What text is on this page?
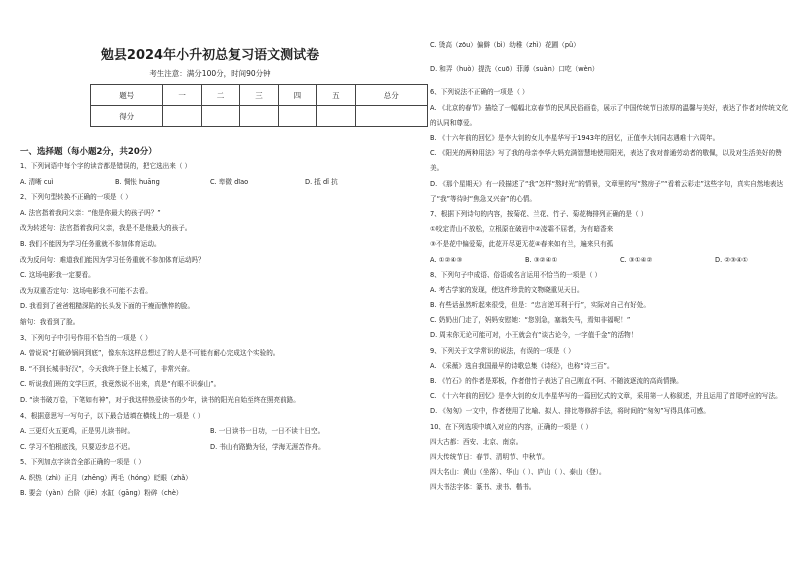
勉县2024年小升初总复习语文测试卷
考生注意：满分100分，时间90分钟
题号	一	二	三	四	五	总分
得分						
一、选择题（每小题2分，共20分）
1、下列词语中每个字的读音都是错误的，把它选出来（ ）
A. 清晰 cuì	B. 惆怅 huāng	C. 卑微 dīao	D. 抵 dǐ 抗
2、下列句型转换不正确的一项是（ ）
A. 法官指着我问父亲：“他是你最大的孩子吗？”
改为转述句：法官指着我问父亲，我是不是他最大的孩子。
B. 我们不能因为学习任务重就不参加体育运动。
改为反问句：难道我们能因为学习任务重就不参加体育运动吗？
C. 这场电影我一定要看。
改为双重否定句：这场电影我不可能不去看。
D. 我看到了爸爸粗糙深陷的长头发下面的干瘦而憔悴的脸。
缩句：我看到了脸。
3、下列句子中引号作用不恰当的一项是（ ）
A. 曾说说“打破砂锅问到底”，像东东这样总想过了的人是不可能有耐心完成这个实验的。
B. “不到长城非好汉”，今天我终于登上长城了，非常兴奋。
C. 听说我们班的文学巨匠，我竟然说不出来，真是“有眼不识泰山”。
D. “读书破万卷，下笔如有神”，对于我这样热爱读书的少年，读书的阳光自始至终在照亮前路。
4、根据意思写一写句子，以下最合适填在横线上的一项是（ ）
A. 三更灯火五更鸡，正是男儿读书时。	B. 一日读书一日功，一日不读十日空。
C. 学习不怕根底浅，只要迈步总不迟。	D. 书山有路勤为径，学海无涯苦作舟。
5、下列加点字读音全部正确的一项是（ ）
A. 织热（zhì）正月（zhēng）两毛（hóng）眨眼（zhǎ）
B. 要会（yàn）台阶（jiē）水缸（gāng）粉碎（chè）
C. 烫高（zōu）偏僻（bì）幼稚（zhì）花圃（pǔ）
D. 和弄（huò）提洗（cuō）菲薄（suàn）口吃（wèn）
6、下列说法不正确的一项是（ ）
A. 《北京的春节》描绘了一幅幅北京春节的民风民俗画卷，展示了中国传统节日浓厚的温馨与美好，表达了作者对传统文化的认同和尊爱。
B. 《十六年前的回忆》是李大钊的女儿李星华写于1943年的回忆，正值李大钊同志遇难十六周年。
C. 《阳光的两种用法》写了我的母亲李华大妈充满智慧地使用阳光，表达了我对普通劳动者的敬佩，以及对生活美好的赞美。
D. 《那个星期天》有一段描述了“我”怎样“熬时光”的情景，文章里的写“熬房子”“看着云彩走”这些字句，真实自然地表达了“我”等待时“焦急又兴奋”的心情。
7、根据下列诗句的内容，按菊花、兰花、竹子、菊花梅排列正确的是（ ）
①咬定青山不放松，立根原在破岩中②凌霜不屈者，为有暗香来
③不是花中偏爱菊，此花开尽更无花④春来如有兰，遍来只有孤
A. ①②④③	B. ③②④①	C. ③①④②	D. ②③④①
8、下列句子中成语、俗语或名言运用不恰当的一项是（ ）
A. 考古学家的发现，使这件珍贵的文物晓重见天日。
B. 有些话虽然听起来很受，但是：“忠言逆耳利于行”，实际对自己有好处。
C. 奶奶出门走了，妈妈安慰她：“您别急，塞翁失马，焉知非福呢！”
D. 周末你无论可能可对，小王就会有“谈古论今，一字值千金”的活物！
9、下列关于文学常识的说法，有误的一项是（ ）
A. 《采薇》选自我国最早的诗歌总集《诗经》，也称“诗三百”。
B. 《竹石》的作者是郑板，作者借竹子表达了自己刚直不阿、不随波逐流的高尚情操。
C. 《十六年前的回忆》是李大钊的女儿李星华写的一篇回忆式的文章，采用第一人称叙述，并且运用了首尾呼应的写法。
D. 《匆匆》一文中，作者使用了比喻、拟人、排比等修辞手法，将时间的“匆匆”写得具体可感。
10、在下列选项中填入对应的内容，正确的一项是（ ）
四大古都：西安、北京、南京。
四大传统节日：春节、清明节、中秋节。
四大名山：黄山（坐落）、华山（ ）、庐山（ ）、泰山（登）。
四大书法字体：篆书、隶书、楷书。
